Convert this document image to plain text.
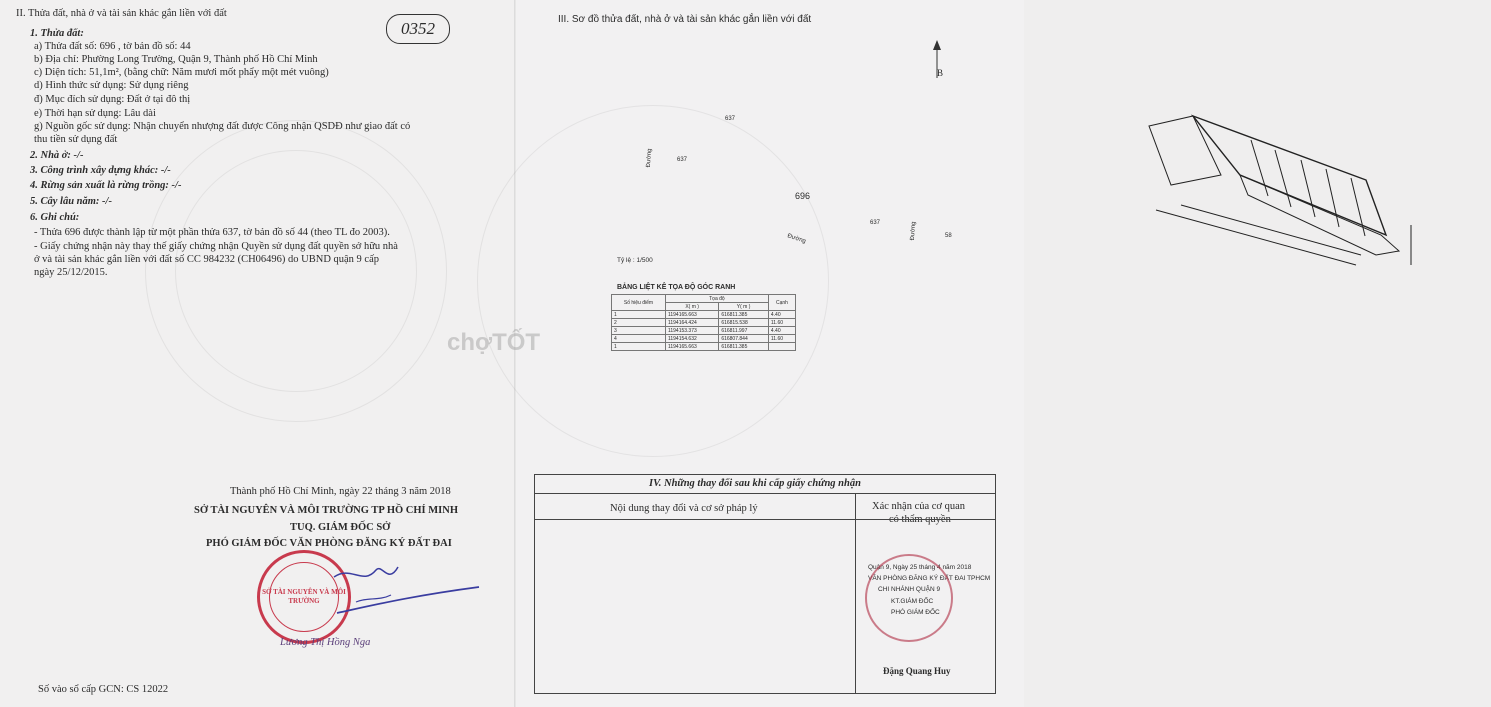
II. Thửa đất, nhà ở và tài sản khác gắn liền với đất
0352
1. Thửa đất:
a) Thửa đất số: 696 , tờ bản đồ số: 44
b) Địa chỉ: Phường Long Trường, Quận 9, Thành phố Hồ Chí Minh
c) Diện tích: 51,1m², (bằng chữ: Năm mươi mốt phẩy một mét vuông)
d) Hình thức sử dụng: Sử dụng riêng
đ) Mục đích sử dụng: Đất ở tại đô thị
e) Thời hạn sử dụng: Lâu dài
g) Nguồn gốc sử dụng: Nhận chuyển nhượng đất được Công nhận QSDĐ như giao đất có
thu tiền sử dụng đất
2. Nhà ở: -/-
3. Công trình xây dựng khác: -/-
4. Rừng sản xuất là rừng trồng: -/-
5. Cây lâu năm: -/-
6. Ghi chú:
- Thửa 696 được thành lập từ một phần thửa 637, tờ bản đồ số 44 (theo TL đo 2003).
- Giấy chứng nhận này thay thế giấy chứng nhận Quyền sử dụng đất quyền sở hữu nhà
ở và tài sản khác gắn liền với đất số CC 984232 (CH06496) do UBND quận 9 cấp
ngày 25/12/2015.
Thành phố Hồ Chí Minh, ngày 22 tháng 3 năm 2018
SỞ TÀI NGUYÊN VÀ MÔI TRƯỜNG TP HỒ CHÍ MINH
TUQ. GIÁM ĐỐC SỞ
PHÓ GIÁM ĐỐC VĂN PHÒNG ĐĂNG KÝ ĐẤT ĐAI
SỞ TÀI NGUYÊN VÀ MÔI TRƯỜNG
Lương Thị Hồng Nga
Số vào sổ cấp GCN: CS 12022
III. Sơ đồ thửa đất, nhà ở và tài sản khác gắn liền với đất
B
637
637
637
58
696
Đường
Đường	Đường
Tỷ lệ : 1/500
BẢNG LIỆT KÊ TỌA ĐỘ GÓC RANH
chợTỐT
IV. Những thay đổi sau khi cấp giấy chứng nhận
Nội dung thay đổi và cơ sở pháp lý	Xác nhận của cơ quan
Quận 9, Ngày 25 tháng 4 năm 2018
VĂN PHÒNG ĐĂNG KÝ ĐẤT ĐAI TPHCM
CHI NHÁNH QUẬN 9
KT.GIÁM ĐỐC
PHÓ GIÁM ĐỐC
Đặng Quang Huy
Số hiệu điểm	Tọa độ		Cạnh
	X( m )	Y( m )	
1	1194165.663	616811.385	4.40
2	1194164.424	616815.538	11.60
3	1194153.373	616811.997	4.40
4	1194154.632	616807.844	11.60
1	1194165.663	616811.385	
